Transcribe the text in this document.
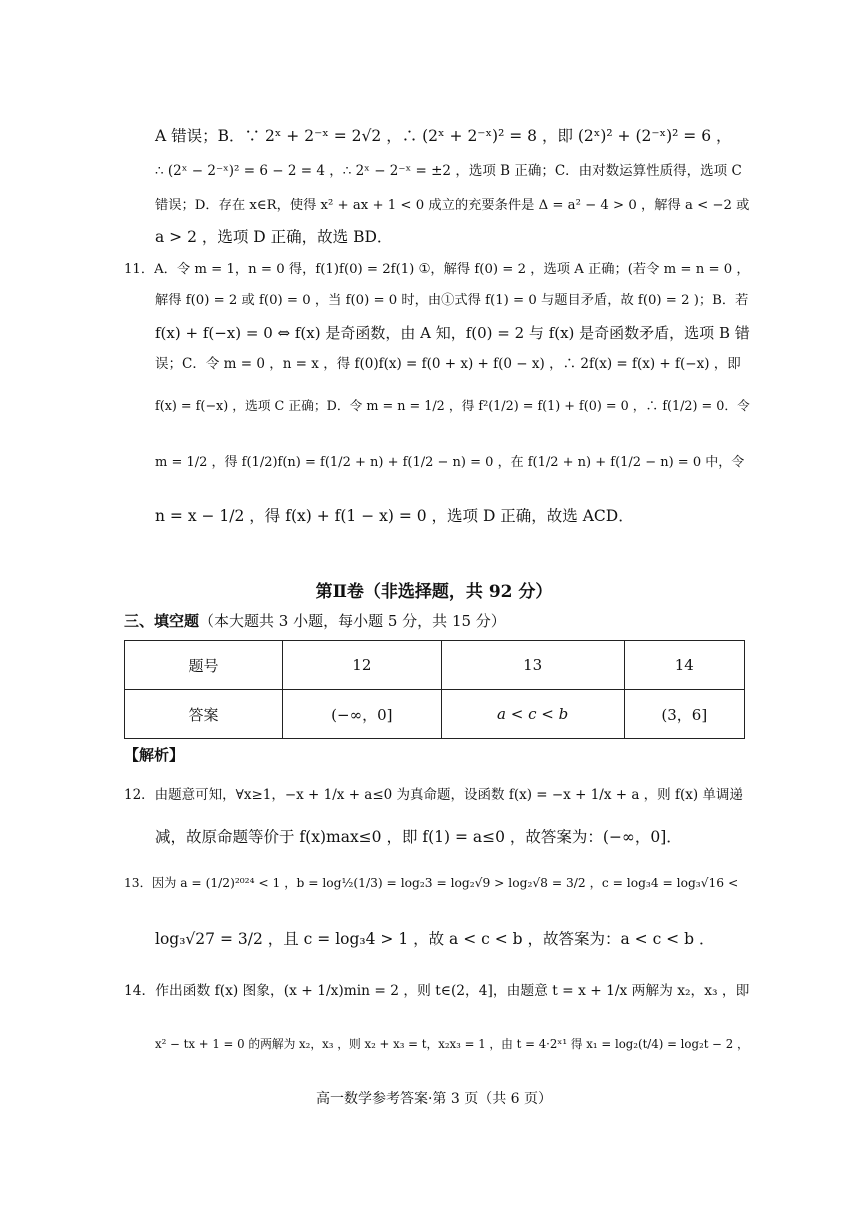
A 错误；B．∵ 2ˣ + 2⁻ˣ = 2√2 ，∴ (2ˣ + 2⁻ˣ)² = 8 ，即 (2ˣ)² + (2⁻ˣ)² = 6 ，
∴ (2ˣ − 2⁻ˣ)² = 6 − 2 = 4 ，∴ 2ˣ − 2⁻ˣ = ±2 ，选项 B 正确；C．由对数运算性质得，选项 C
错误；D．存在 x∈R，使得 x² + ax + 1 < 0 成立的充要条件是 Δ = a² − 4 > 0 ，解得 a < −2 或
a > 2 ，选项 D 正确，故选 BD．
11．A．令 m = 1，n = 0 得，f(1)f(0) = 2f(1) ①，解得 f(0) = 2 ，选项 A 正确；(若令 m = n = 0 ，
解得 f(0) = 2 或 f(0) = 0 ，当 f(0) = 0 时，由①式得 f(1) = 0 与题目矛盾，故 f(0) = 2 )；B．若
f(x) + f(−x) = 0 ⇔ f(x) 是奇函数，由 A 知，f(0) = 2 与 f(x) 是奇函数矛盾，选项 B 错
误；C．令 m = 0 ，n = x ，得 f(0)f(x) = f(0 + x) + f(0 − x) ，∴ 2f(x) = f(x) + f(−x) ，即
f(x) = f(−x) ，选项 C 正确；D．令 m = n = 1/2 ，得 f²(1/2) = f(1) + f(0) = 0 ，∴ f(1/2) = 0．令
m = 1/2 ，得 f(1/2)f(n) = f(1/2 + n) + f(1/2 − n) = 0 ，在 f(1/2 + n) + f(1/2 − n) = 0 中，令
n = x − 1/2 ，得 f(x) + f(1 − x) = 0 ，选项 D 正确，故选 ACD．
第Ⅱ卷（非选择题，共 92 分）
三、填空题（本大题共 3 小题，每小题 5 分，共 15 分）
题号	12	13	14
答案	(−∞，0]	a < c < b	(3，6]
【解析】
12．由题意可知，∀x≥1，−x + 1/x + a≤0 为真命题，设函数 f(x) = −x + 1/x + a ，则 f(x) 单调递
减，故原命题等价于 f(x)max≤0 ，即 f(1) = a≤0 ，故答案为：(−∞，0]．
13．因为 a = (1/2)²⁰²⁴ < 1 ，b = log½(1/3) = log₂3 = log₂√9 > log₂√8 = 3/2 ，c = log₃4 = log₃√16 <
log₃√27 = 3/2 ，且 c = log₃4 > 1 ，故 a < c < b ，故答案为：a < c < b ．
14．作出函数 f(x) 图象，(x + 1/x)min = 2 ，则 t∈(2，4]，由题意 t = x + 1/x 两解为 x₂，x₃ ，即
x² − tx + 1 = 0 的两解为 x₂，x₃ ，则 x₂ + x₃ = t，x₂x₃ = 1 ，由 t = 4·2ˣ¹ 得 x₁ = log₂(t/4) = log₂t − 2 ，
高一数学参考答案·第 3 页（共 6 页）
